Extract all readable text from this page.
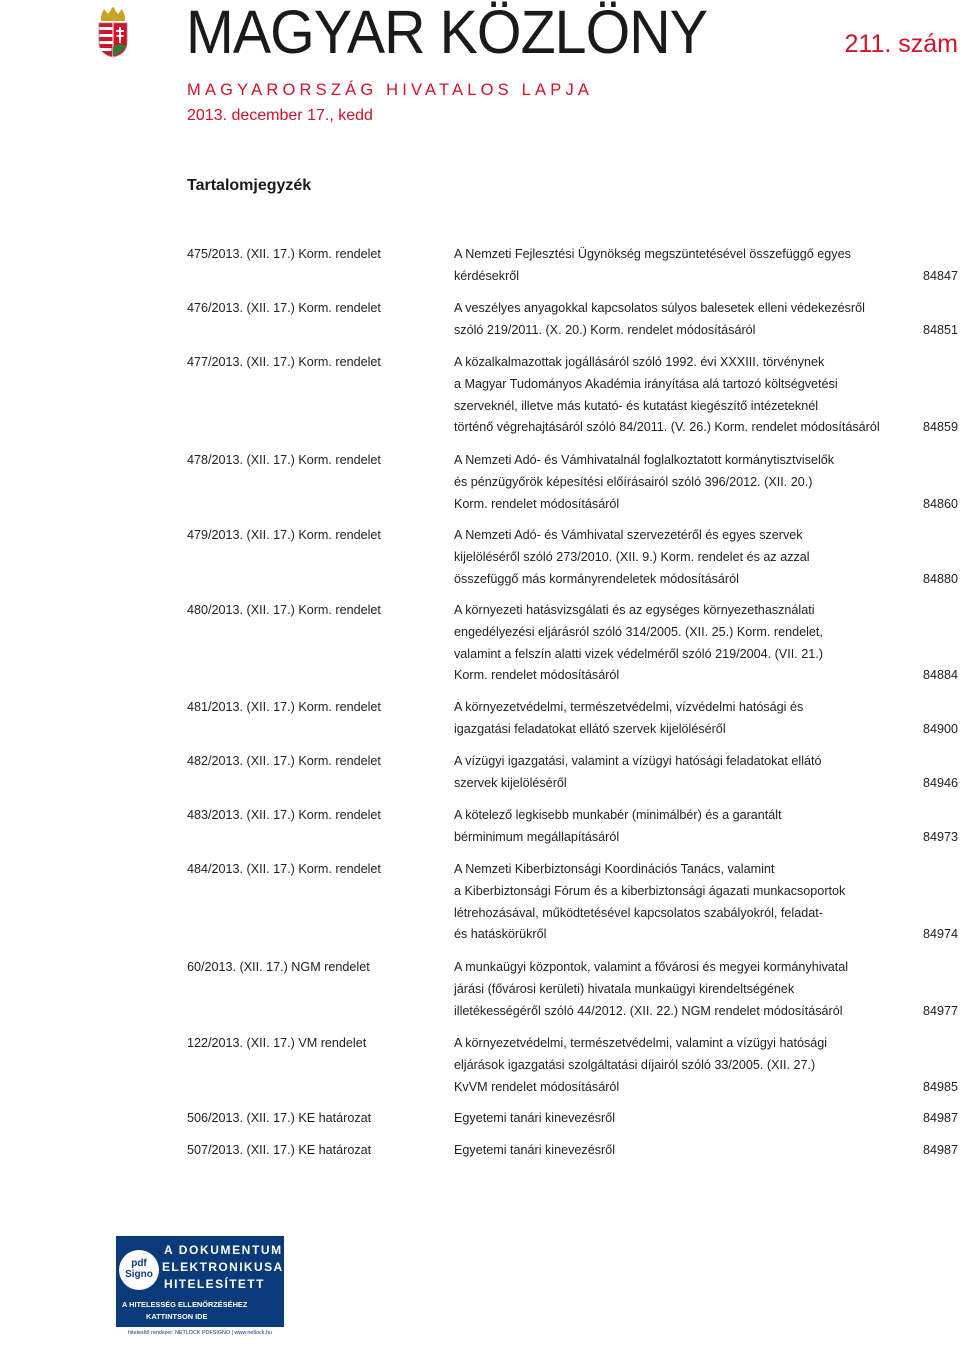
MAGYAR KÖZLÖNY	211. szám
MAGYARORSZÁG HIVATALOS LAPJA
2013. december 17., kedd
Tartalomjegyzék
475/2013. (XII. 17.) Korm. rendelet	A Nemzeti Fejlesztési Ügynökség megszüntetésével összefüggő egyes
kérdésekről	84847
476/2013. (XII. 17.) Korm. rendelet	A veszélyes anyagokkal kapcsolatos súlyos balesetek elleni védekezésről
szóló 219/2011. (X. 20.) Korm. rendelet módosításáról	84851
477/2013. (XII. 17.) Korm. rendelet	A közalkalmazottak jogállásáról szóló 1992. évi XXXIII. törvénynek
a Magyar Tudományos Akadémia irányítása alá tartozó költségvetési
szerveknél, illetve más kutató- és kutatást kiegészítő intézeteknél
történő végrehajtásáról szóló 84/2011. (V. 26.) Korm. rendelet módosításáról	84859
478/2013. (XII. 17.) Korm. rendelet	A Nemzeti Adó- és Vámhivatalnál foglalkoztatott kormánytisztviselők
és pénzügyőrök képesítési előírásairól szóló 396/2012. (XII. 20.)
Korm. rendelet módosításáról	84860
479/2013. (XII. 17.) Korm. rendelet	A Nemzeti Adó- és Vámhivatal szervezetéről és egyes szervek
kijelöléséről szóló 273/2010. (XII. 9.) Korm. rendelet és az azzal
összefüggő más kormányrendeletek módosításáról	84880
480/2013. (XII. 17.) Korm. rendelet	A környezeti hatásvizsgálati és az egységes környezethasználati
engedélyezési eljárásról szóló 314/2005. (XII. 25.) Korm. rendelet,
valamint a felszín alatti vizek védelméről szóló 219/2004. (VII. 21.)
Korm. rendelet módosításáról	84884
481/2013. (XII. 17.) Korm. rendelet	A környezetvédelmi, természetvédelmi, vízvédelmi hatósági és
igazgatási feladatokat ellátó szervek kijelöléséről	84900
482/2013. (XII. 17.) Korm. rendelet	A vízügyi igazgatási, valamint a vízügyi hatósági feladatokat ellátó
szervek kijelöléséről	84946
483/2013. (XII. 17.) Korm. rendelet	A kötelező legkisebb munkabér (minimálbér) és a garantált
bérminimum megállapításáról	84973
484/2013. (XII. 17.) Korm. rendelet	A Nemzeti Kiberbiztonsági Koordinációs Tanács, valamint
a Kiberbiztonsági Fórum és a kiberbiztonsági ágazati munkacsoportok
létrehozásával, működtetésével kapcsolatos szabályokról, feladat-
és hatáskörükről	84974
60/2013. (XII. 17.) NGM rendelet	A munkaügyi központok, valamint a fővárosi és megyei kormányhivatal
járási (fővárosi kerületi) hivatala munkaügyi kirendeltségének
illetékességéről szóló 44/2012. (XII. 22.) NGM rendelet módosításáról	84977
122/2013. (XII. 17.) VM rendelet	A környezetvédelmi, természetvédelmi, valamint a vízügyi hatósági
eljárások igazgatási szolgáltatási díjairól szóló 33/2005. (XII. 27.)
KvVM rendelet módosításáról	84985
506/2013. (XII. 17.) KE határozat	Egyetemi tanári kinevezésről	84987
507/2013. (XII. 17.) KE határozat	Egyetemi tanári kinevezésről	84987
pdf
Signo
A DOKUMENTUM
ELEKTRONIKUSAN
HITELESÍTETT
A HITELESSÉG ELLENŐRZÉSÉHEZ
KATTINTSON IDE
hitelesítő rendszer: NETLOCK PDFSIGNO | www.netlock.hu
